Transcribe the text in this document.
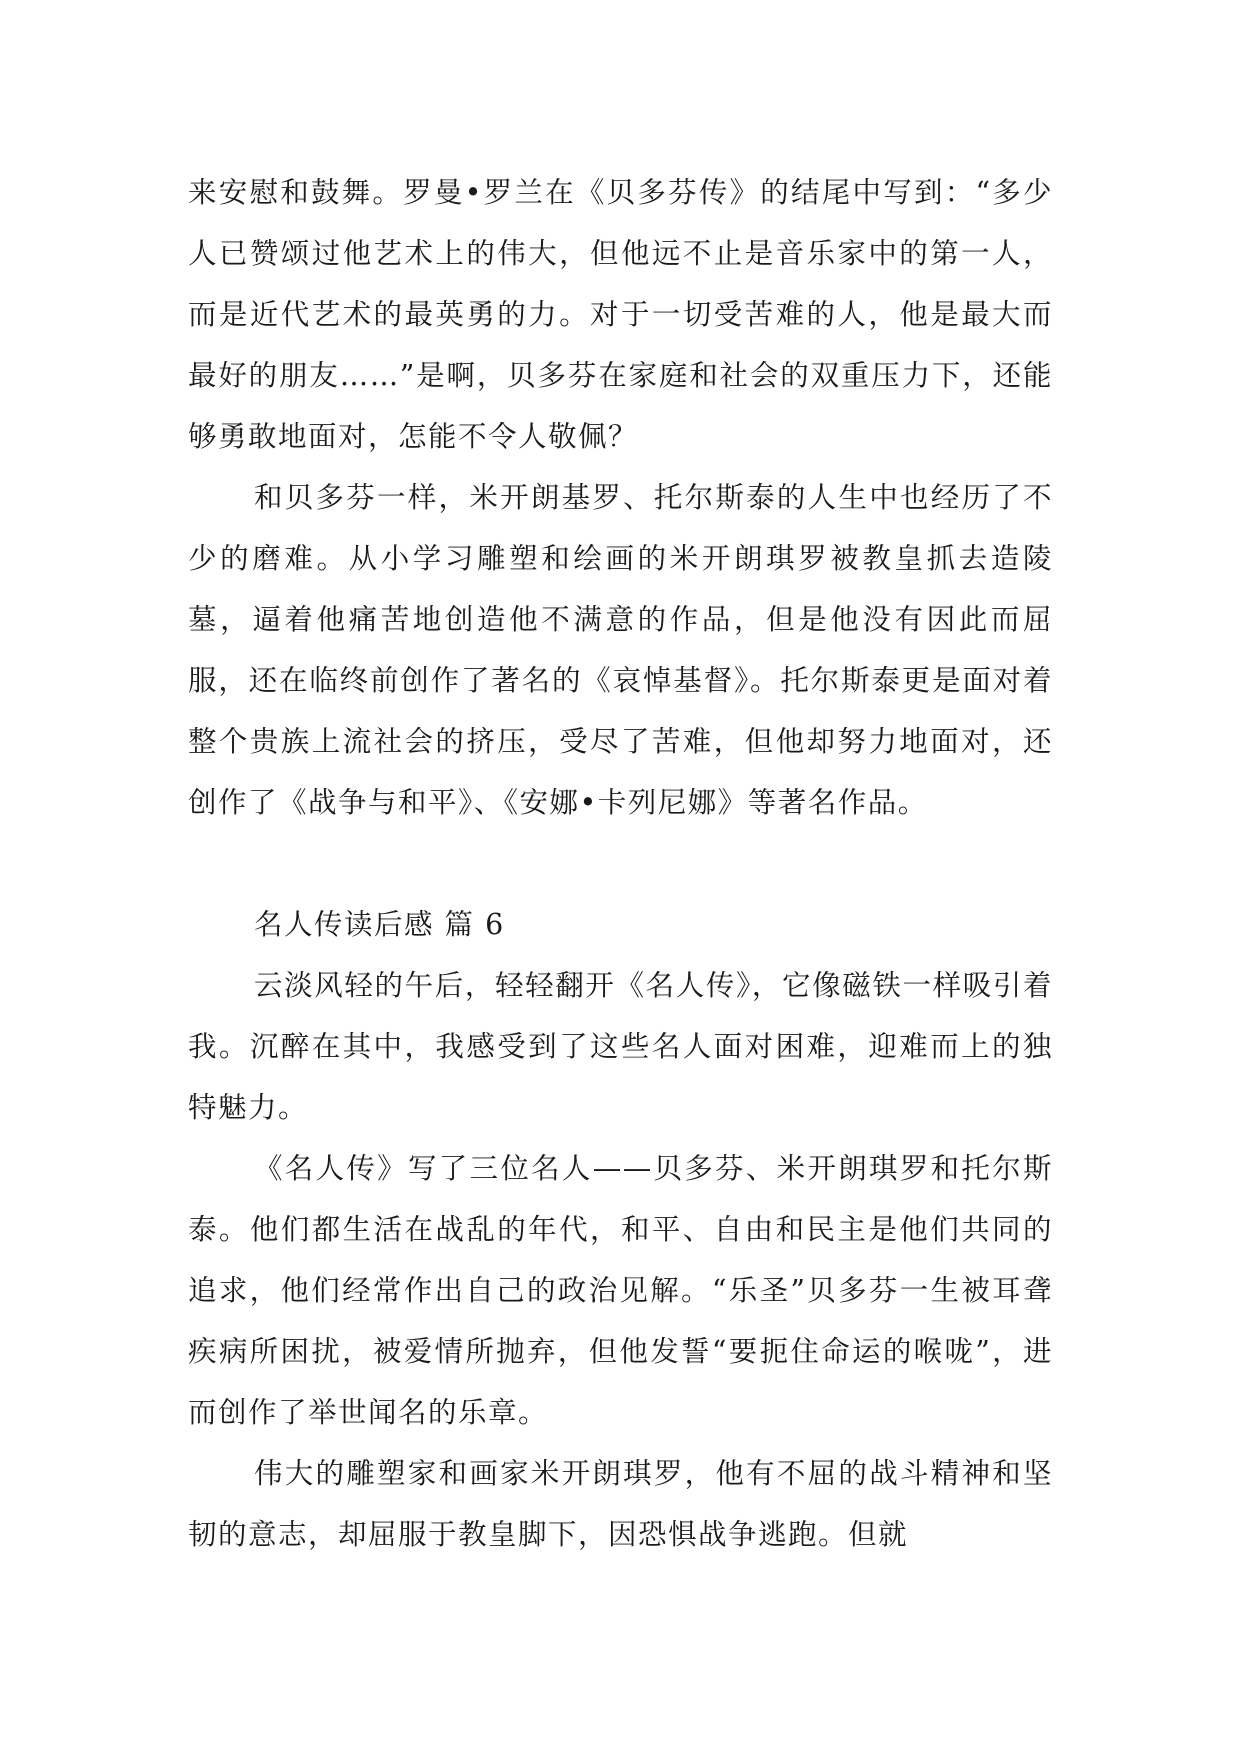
来安慰和鼓舞。罗曼•罗兰在《贝多芬传》的结尾中写到：“多少人已赞颂过他艺术上的伟大，但他远不止是音乐家中的第一人，而是近代艺术的最英勇的力。对于一切受苦难的人，他是最大而最好的朋友……”是啊，贝多芬在家庭和社会的双重压力下，还能够勇敢地面对，怎能不令人敬佩？

和贝多芬一样，米开朗基罗、托尔斯泰的人生中也经历了不少的磨难。从小学习雕塑和绘画的米开朗琪罗被教皇抓去造陵墓，逼着他痛苦地创造他不满意的作品，但是他没有因此而屈服，还在临终前创作了著名的《哀悼基督》。托尔斯泰更是面对着整个贵族上流社会的挤压，受尽了苦难，但他却努力地面对，还创作了《战争与和平》、《安娜•卡列尼娜》等著名作品。

名人传读后感 篇 6

云淡风轻的午后，轻轻翻开《名人传》，它像磁铁一样吸引着我。沉醉在其中，我感受到了这些名人面对困难，迎难而上的独特魅力。

《名人传》写了三位名人——贝多芬、米开朗琪罗和托尔斯泰。他们都生活在战乱的年代，和平、自由和民主是他们共同的追求，他们经常作出自己的政治见解。“乐圣”贝多芬一生被耳聋疾病所困扰，被爱情所抛弃，但他发誓“要扼住命运的喉咙”，进而创作了举世闻名的乐章。

伟大的雕塑家和画家米开朗琪罗，他有不屈的战斗精神和坚韧的意志，却屈服于教皇脚下，因恐惧战争逃跑。但就
